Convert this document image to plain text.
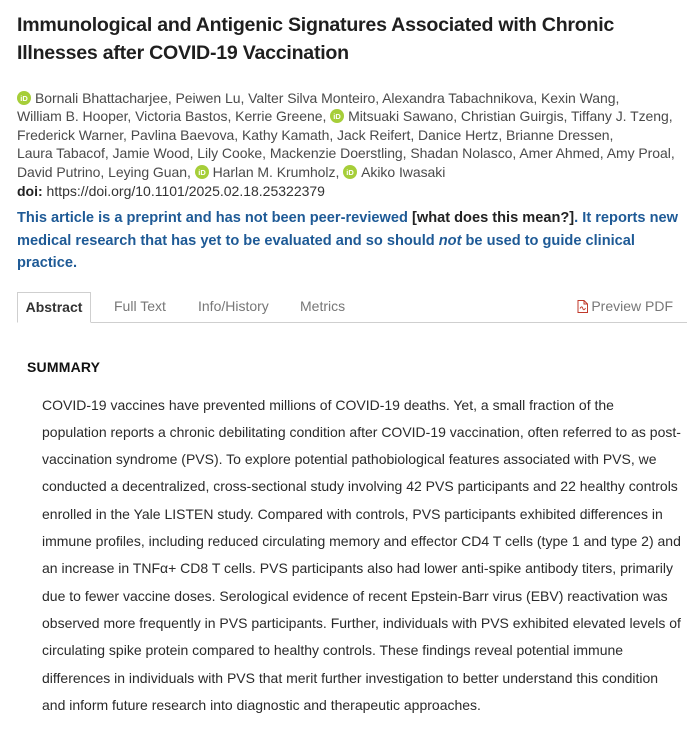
Immunological and Antigenic Signatures Associated with Chronic Illnesses after COVID-19 Vaccination
iD Bornali Bhattacharjee, Peiwen Lu, Valter Silva Monteiro, Alexandra Tabachnikova, Kexin Wang, William B. Hooper, Victoria Bastos, Kerrie Greene, iD Mitsuaki Sawano, Christian Guirgis, Tiffany J. Tzeng, Frederick Warner, Pavlina Baevova, Kathy Kamath, Jack Reifert, Danice Hertz, Brianne Dressen, Laura Tabacof, Jamie Wood, Lily Cooke, Mackenzie Doerstling, Shadan Nolasco, Amer Ahmed, Amy Proal, David Putrino, Leying Guan, iD Harlan M. Krumholz, iD Akiko Iwasaki
doi: https://doi.org/10.1101/2025.02.18.25322379
This article is a preprint and has not been peer-reviewed [what does this mean?]. It reports new medical research that has yet to be evaluated and so should not be used to guide clinical practice.
Abstract	Full Text Info/History Metrics	Preview PDF
SUMMARY

COVID-19 vaccines have prevented millions of COVID-19 deaths. Yet, a small fraction of the population reports a chronic debilitating condition after COVID-19 vaccination, often referred to as post-vaccination syndrome (PVS). To explore potential pathobiological features associated with PVS, we conducted a decentralized, cross-sectional study involving 42 PVS participants and 22 healthy controls enrolled in the Yale LISTEN study. Compared with controls, PVS participants exhibited differences in immune profiles, including reduced circulating memory and effector CD4 T cells (type 1 and type 2) and an increase in TNFα+ CD8 T cells. PVS participants also had lower anti-spike antibody titers, primarily due to fewer vaccine doses. Serological evidence of recent Epstein-Barr virus (EBV) reactivation was observed more frequently in PVS participants. Further, individuals with PVS exhibited elevated levels of circulating spike protein compared to healthy controls. These findings reveal potential immune differences in individuals with PVS that merit further investigation to better understand this condition and inform future research into diagnostic and therapeutic approaches.
